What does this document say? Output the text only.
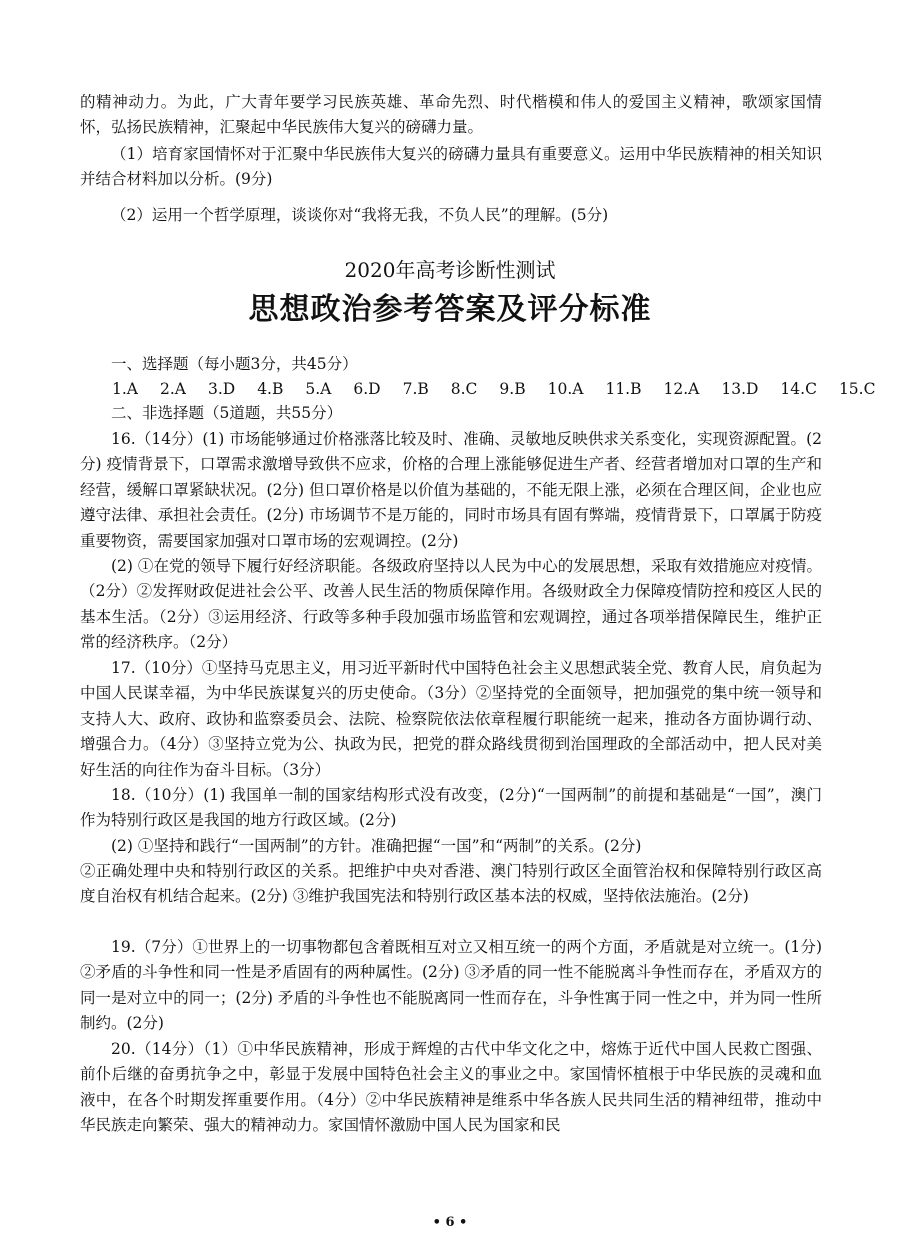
的精神动力。为此，广大青年要学习民族英雄、革命先烈、时代楷模和伟人的爱国主义精神，歌颂家国情怀，弘扬民族精神，汇聚起中华民族伟大复兴的磅礴力量。

（1）培育家国情怀对于汇聚中华民族伟大复兴的磅礴力量具有重要意义。运用中华民族精神的相关知识并结合材料加以分析。(9分)

（2）运用一个哲学原理，谈谈你对“我将无我，不负人民”的理解。(5分)

2020年高考诊断性测试
思想政治参考答案及评分标准

一、选择题（每小题3分，共45分）

1.A 2.A 3.D 4.B 5.A 6.D 7.B 8.C 9.B 10.A 11.B 12.A 13.D 14.C 15.C

二、非选择题（5道题，共55分）

16.（14分）(1) 市场能够通过价格涨落比较及时、准确、灵敏地反映供求关系变化，实现资源配置。(2分) 疫情背景下，口罩需求激增导致供不应求，价格的合理上涨能够促进生产者、经营者增加对口罩的生产和经营，缓解口罩紧缺状况。(2分) 但口罩价格是以价值为基础的，不能无限上涨，必须在合理区间，企业也应遵守法律、承担社会责任。(2分) 市场调节不是万能的，同时市场具有固有弊端，疫情背景下，口罩属于防疫重要物资，需要国家加强对口罩市场的宏观调控。(2分)

(2) ①在党的领导下履行好经济职能。各级政府坚持以人民为中心的发展思想，采取有效措施应对疫情。（2分）②发挥财政促进社会公平、改善人民生活的物质保障作用。各级财政全力保障疫情防控和疫区人民的基本生活。（2分）③运用经济、行政等多种手段加强市场监管和宏观调控，通过各项举措保障民生，维护正常的经济秩序。（2分）

17.（10分）①坚持马克思主义，用习近平新时代中国特色社会主义思想武装全党、教育人民，肩负起为中国人民谋幸福，为中华民族谋复兴的历史使命。（3分）②坚持党的全面领导，把加强党的集中统一领导和支持人大、政府、政协和监察委员会、法院、检察院依法依章程履行职能统一起来，推动各方面协调行动、增强合力。（4分）③坚持立党为公、执政为民，把党的群众路线贯彻到治国理政的全部活动中，把人民对美好生活的向往作为奋斗目标。（3分）

18.（10分）(1) 我国单一制的国家结构形式没有改变，(2分)“一国两制”的前提和基础是“一国”，澳门作为特别行政区是我国的地方行政区域。(2分)

(2) ①坚持和践行“一国两制”的方针。准确把握“一国”和“两制”的关系。(2分)

②正确处理中央和特别行政区的关系。把维护中央对香港、澳门特别行政区全面管治权和保障特别行政区高度自治权有机结合起来。(2分) ③维护我国宪法和特别行政区基本法的权威，坚持依法施治。(2分)

19.（7分）①世界上的一切事物都包含着既相互对立又相互统一的两个方面，矛盾就是对立统一。(1分) ②矛盾的斗争性和同一性是矛盾固有的两种属性。(2分) ③矛盾的同一性不能脱离斗争性而存在，矛盾双方的同一是对立中的同一；(2分) 矛盾的斗争性也不能脱离同一性而存在，斗争性寓于同一性之中，并为同一性所制约。(2分)

20.（14分）（1）①中华民族精神，形成于辉煌的古代中华文化之中，熔炼于近代中国人民救亡图强、前仆后继的奋勇抗争之中，彰显于发展中国特色社会主义的事业之中。家国情怀植根于中华民族的灵魂和血液中，在各个时期发挥重要作用。（4分）②中华民族精神是维系中华各族人民共同生活的精神纽带，推动中华民族走向繁荣、强大的精神动力。家国情怀激励中国人民为国家和民

• 6 •
